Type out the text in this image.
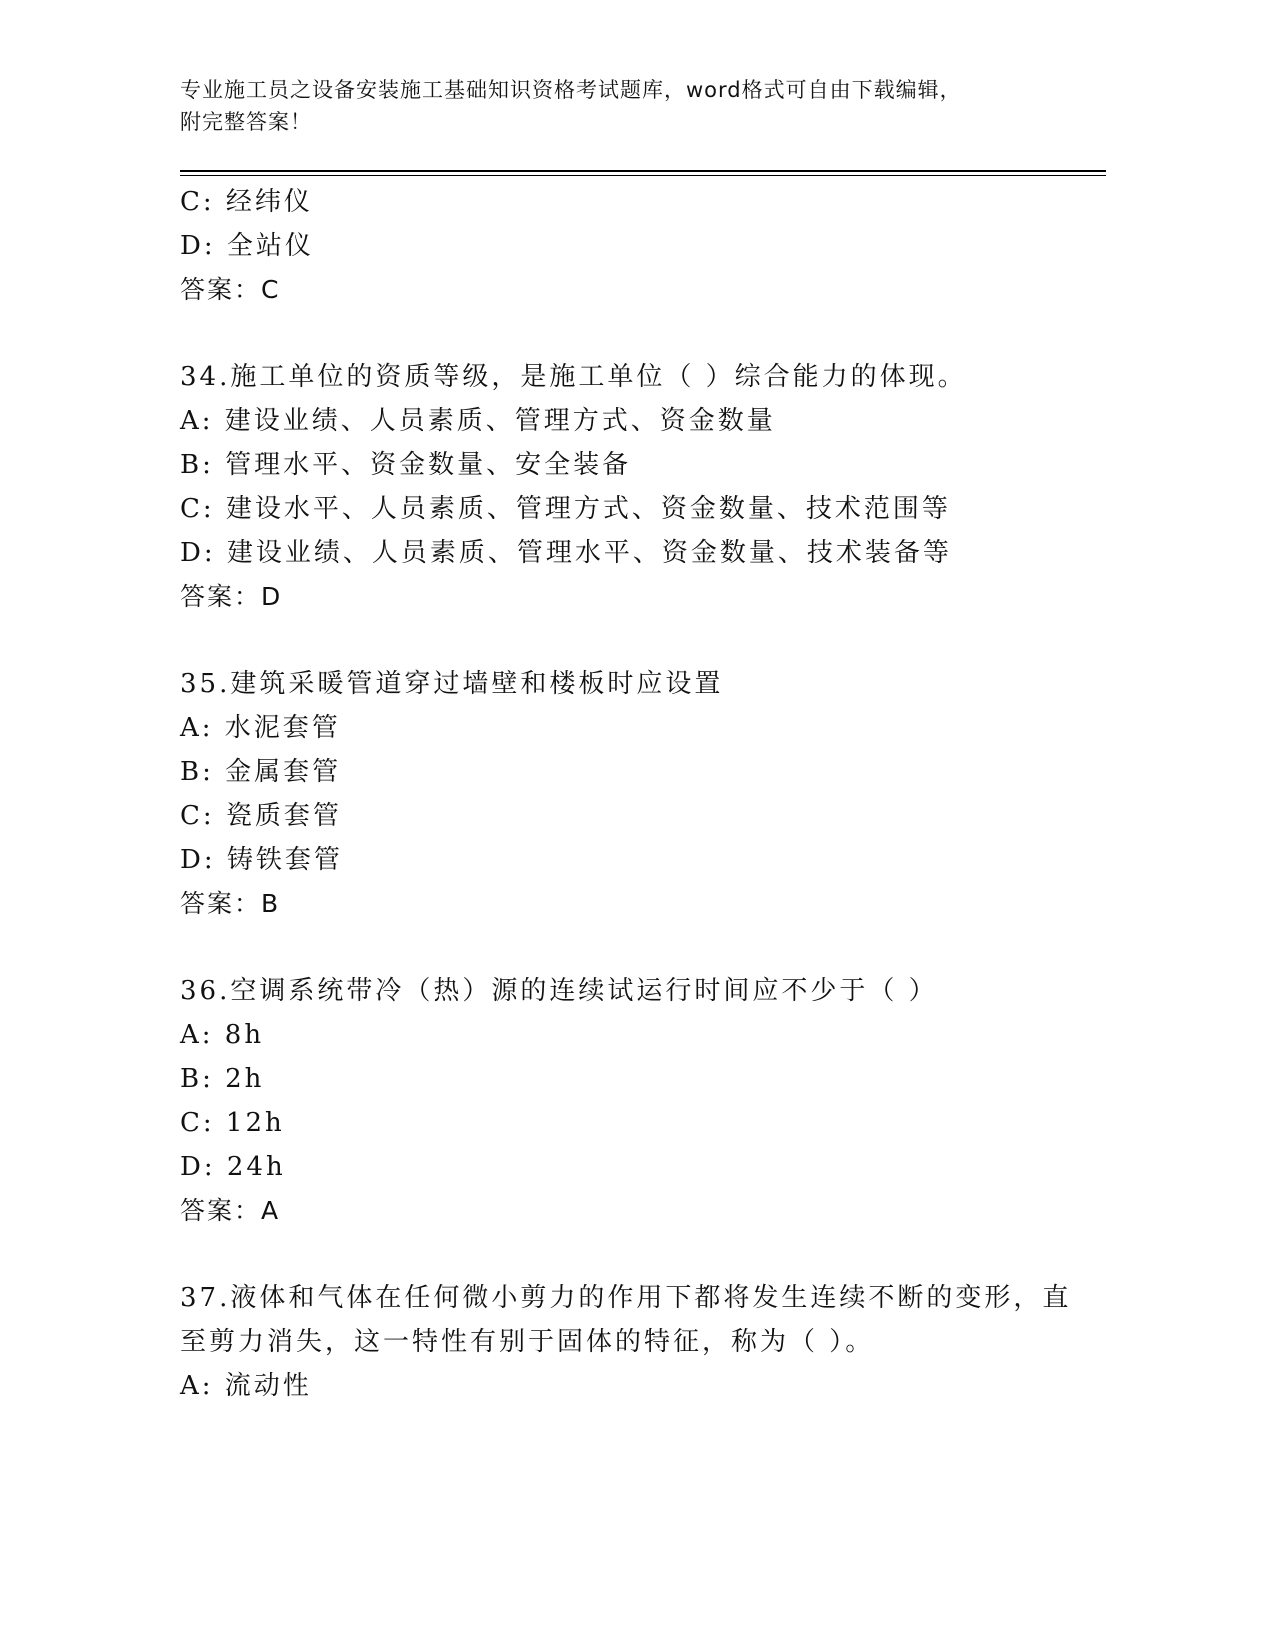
专业施工员之设备安装施工基础知识资格考试题库，word格式可自由下载编辑，
附完整答案！
C: 经纬仪
D: 全站仪
答案：C
34.施工单位的资质等级，是施工单位（ ）综合能力的体现。
A: 建设业绩、人员素质、管理方式、资金数量
B: 管理水平、资金数量、安全装备
C: 建设水平、人员素质、管理方式、资金数量、技术范围等
D: 建设业绩、人员素质、管理水平、资金数量、技术装备等
答案：D
35.建筑采暖管道穿过墙壁和楼板时应设置
A: 水泥套管
B: 金属套管
C: 瓷质套管
D: 铸铁套管
答案：B
36.空调系统带冷（热）源的连续试运行时间应不少于（ ）
A: 8h
B: 2h
C: 12h
D: 24h
答案：A
37.液体和气体在任何微小剪力的作用下都将发生连续不断的变形，直
至剪力消失，这一特性有别于固体的特征，称为（ ）。
A: 流动性
